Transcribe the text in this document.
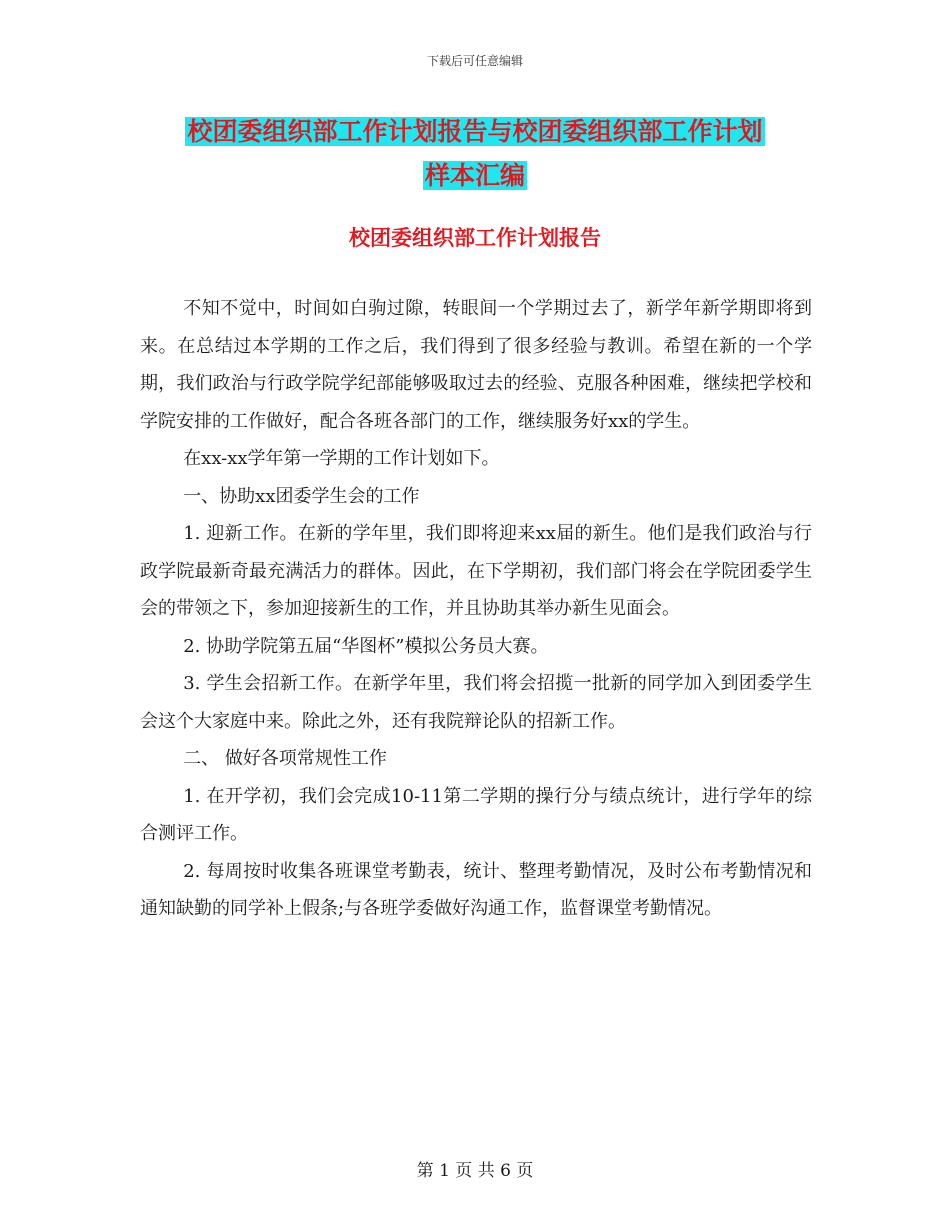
下载后可任意编辑
校团委组织部工作计划报告与校团委组织部工作计划
样本汇编
校团委组织部工作计划报告

不知不觉中，时间如白驹过隙，转眼间一个学期过去了，新学年新学期即将到来。在总结过本学期的工作之后，我们得到了很多经验与教训。希望在新的一个学期，我们政治与行政学院学纪部能够吸取过去的经验、克服各种困难，继续把学校和学院安排的工作做好，配合各班各部门的工作，继续服务好xx的学生。

在xx-xx学年第一学期的工作计划如下。

一、协助xx团委学生会的工作

1. 迎新工作。在新的学年里，我们即将迎来xx届的新生。他们是我们政治与行政学院最新奇最充满活力的群体。因此，在下学期初，我们部门将会在学院团委学生会的带领之下，参加迎接新生的工作，并且协助其举办新生见面会。

2. 协助学院第五届“华图杯”模拟公务员大赛。

3. 学生会招新工作。在新学年里，我们将会招揽一批新的同学加入到团委学生会这个大家庭中来。除此之外，还有我院辩论队的招新工作。

二、 做好各项常规性工作

1. 在开学初，我们会完成10-11第二学期的操行分与绩点统计，进行学年的综合测评工作。

2. 每周按时收集各班课堂考勤表，统计、整理考勤情况，及时公布考勤情况和通知缺勤的同学补上假条;与各班学委做好沟通工作，监督课堂考勤情况。

第 1 页 共 6 页
